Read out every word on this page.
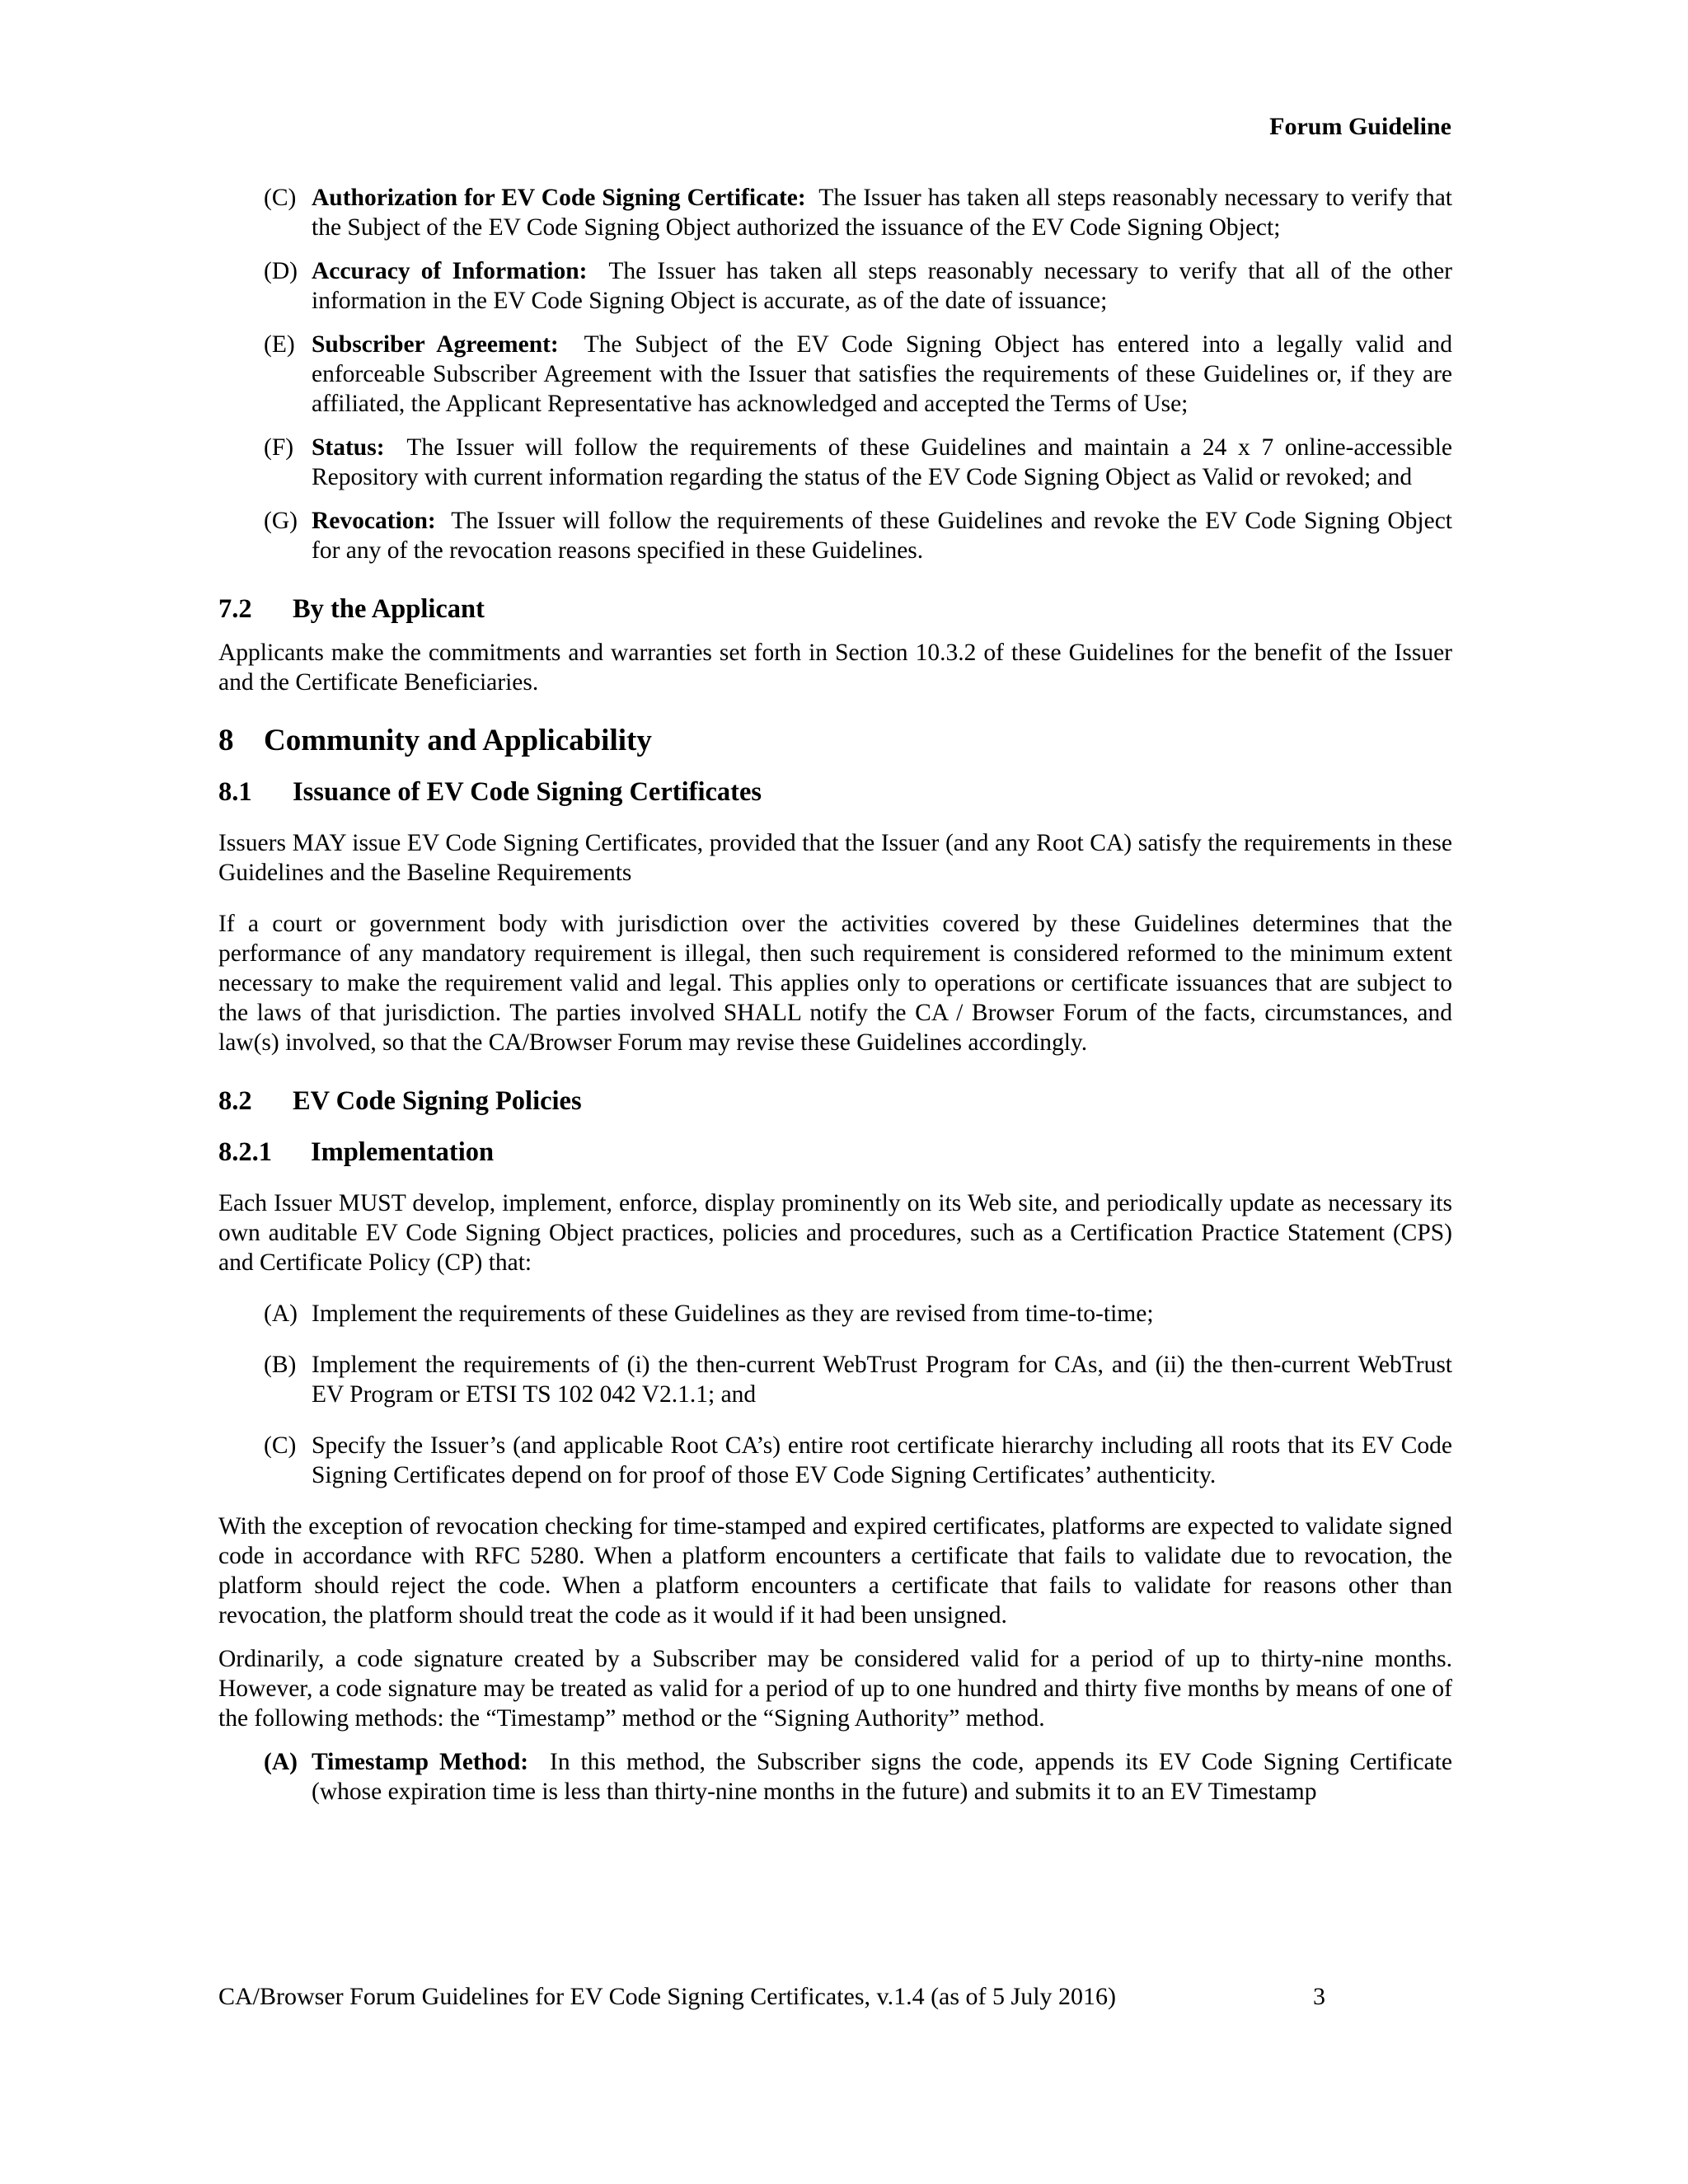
Forum Guideline
(C) Authorization for EV Code Signing Certificate: The Issuer has taken all steps reasonably necessary to verify that the Subject of the EV Code Signing Object authorized the issuance of the EV Code Signing Object;
(D) Accuracy of Information: The Issuer has taken all steps reasonably necessary to verify that all of the other information in the EV Code Signing Object is accurate, as of the date of issuance;
(E) Subscriber Agreement: The Subject of the EV Code Signing Object has entered into a legally valid and enforceable Subscriber Agreement with the Issuer that satisfies the requirements of these Guidelines or, if they are affiliated, the Applicant Representative has acknowledged and accepted the Terms of Use;
(F) Status: The Issuer will follow the requirements of these Guidelines and maintain a 24 x 7 online-accessible Repository with current information regarding the status of the EV Code Signing Object as Valid or revoked; and
(G) Revocation: The Issuer will follow the requirements of these Guidelines and revoke the EV Code Signing Object for any of the revocation reasons specified in these Guidelines.
7.2	By the Applicant

Applicants make the commitments and warranties set forth in Section 10.3.2 of these Guidelines for the benefit of the Issuer and the Certificate Beneficiaries.

8 Community and Applicability
8.1	Issuance of EV Code Signing Certificates

Issuers MAY issue EV Code Signing Certificates, provided that the Issuer (and any Root CA) satisfy the requirements in these Guidelines and the Baseline Requirements

If a court or government body with jurisdiction over the activities covered by these Guidelines determines that the performance of any mandatory requirement is illegal, then such requirement is considered reformed to the minimum extent necessary to make the requirement valid and legal. This applies only to operations or certificate issuances that are subject to the laws of that jurisdiction. The parties involved SHALL notify the CA / Browser Forum of the facts, circumstances, and law(s) involved, so that the CA/Browser Forum may revise these Guidelines accordingly.

8.2	EV Code Signing Policies
8.2.1	Implementation

Each Issuer MUST develop, implement, enforce, display prominently on its Web site, and periodically update as necessary its own auditable EV Code Signing Object practices, policies and procedures, such as a Certification Practice Statement (CPS) and Certificate Policy (CP) that:

(A) Implement the requirements of these Guidelines as they are revised from time-to-time;
(B) Implement the requirements of (i) the then-current WebTrust Program for CAs, and (ii) the then-current WebTrust EV Program or ETSI TS 102 042 V2.1.1; and
(C) Specify the Issuer’s (and applicable Root CA’s) entire root certificate hierarchy including all roots that its EV Code Signing Certificates depend on for proof of those EV Code Signing Certificates’ authenticity.

With the exception of revocation checking for time-stamped and expired certificates, platforms are expected to validate signed code in accordance with RFC 5280. When a platform encounters a certificate that fails to validate due to revocation, the platform should reject the code. When a platform encounters a certificate that fails to validate for reasons other than revocation, the platform should treat the code as it would if it had been unsigned.

Ordinarily, a code signature created by a Subscriber may be considered valid for a period of up to thirty-nine months. However, a code signature may be treated as valid for a period of up to one hundred and thirty five months by means of one of the following methods: the “Timestamp” method or the “Signing Authority” method.

(A) Timestamp Method: In this method, the Subscriber signs the code, appends its EV Code Signing Certificate (whose expiration time is less than thirty-nine months in the future) and submits it to an EV Timestamp
CA/Browser Forum Guidelines for EV Code Signing Certificates, v.1.4 (as of 5 July 2016)	3
